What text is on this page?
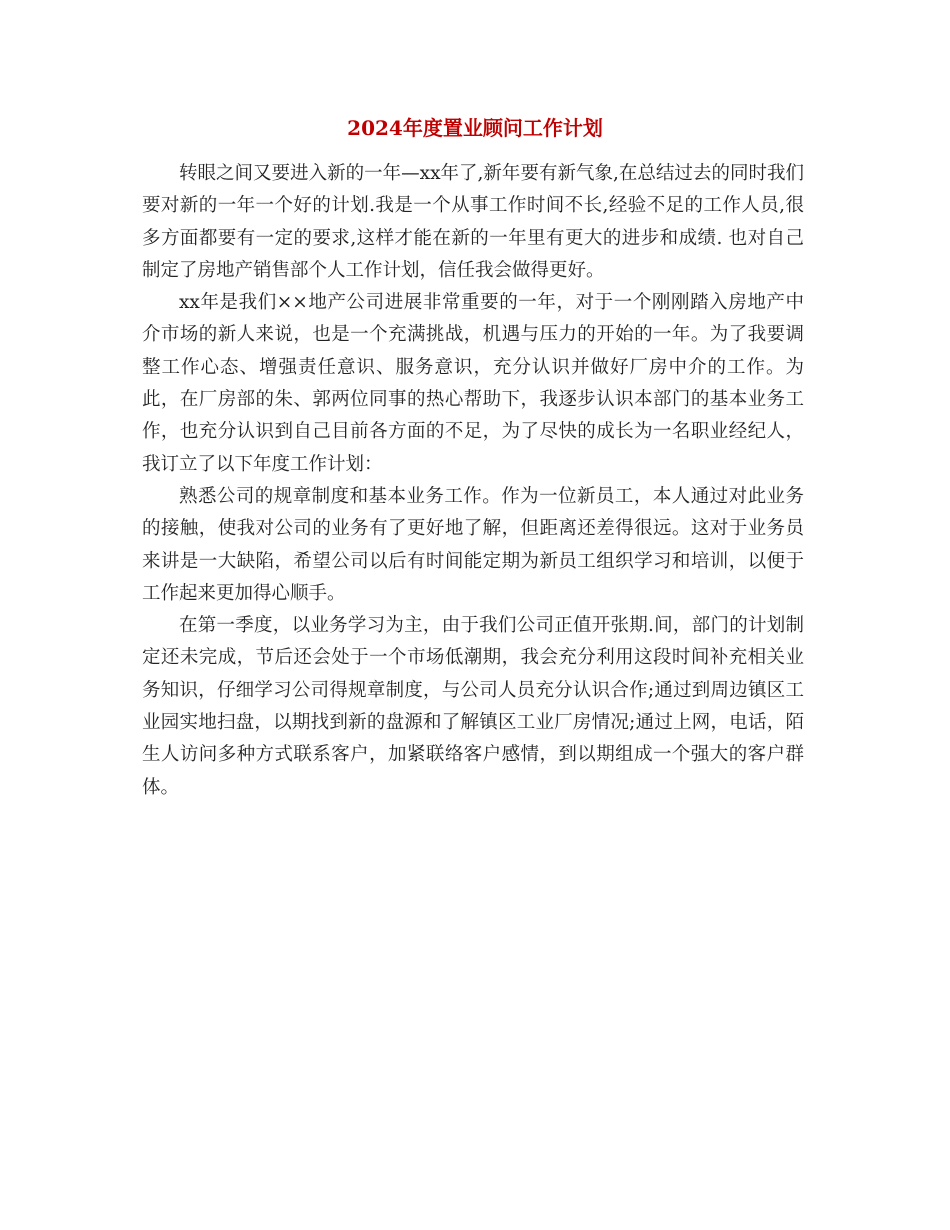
2024年度置业顾问工作计划

转眼之间又要进入新的一年—xx年了,新年要有新气象,在总结过去的同时我们要对新的一年一个好的计划.我是一个从事工作时间不长,经验不足的工作人员,很多方面都要有一定的要求,这样才能在新的一年里有更大的进步和成绩. 也对自己制定了房地产销售部个人工作计划，信任我会做得更好。

xx年是我们××地产公司进展非常重要的一年，对于一个刚刚踏入房地产中介市场的新人来说，也是一个充满挑战，机遇与压力的开始的一年。为了我要调整工作心态、增强责任意识、服务意识，充分认识并做好厂房中介的工作。为此，在厂房部的朱、郭两位同事的热心帮助下，我逐步认识本部门的基本业务工作，也充分认识到自己目前各方面的不足，为了尽快的成长为一名职业经纪人，我订立了以下年度工作计划：

熟悉公司的规章制度和基本业务工作。作为一位新员工，本人通过对此业务的接触，使我对公司的业务有了更好地了解，但距离还差得很远。这对于业务员来讲是一大缺陷，希望公司以后有时间能定期为新员工组织学习和培训，以便于工作起来更加得心顺手。

在第一季度，以业务学习为主，由于我们公司正值开张期.间，部门的计划制定还未完成，节后还会处于一个市场低潮期，我会充分利用这段时间补充相关业务知识，仔细学习公司得规章制度，与公司人员充分认识合作;通过到周边镇区工业园实地扫盘，以期找到新的盘源和了解镇区工业厂房情况;通过上网，电话，陌生人访问多种方式联系客户，加紧联络客户感情，到以期组成一个强大的客户群体。
